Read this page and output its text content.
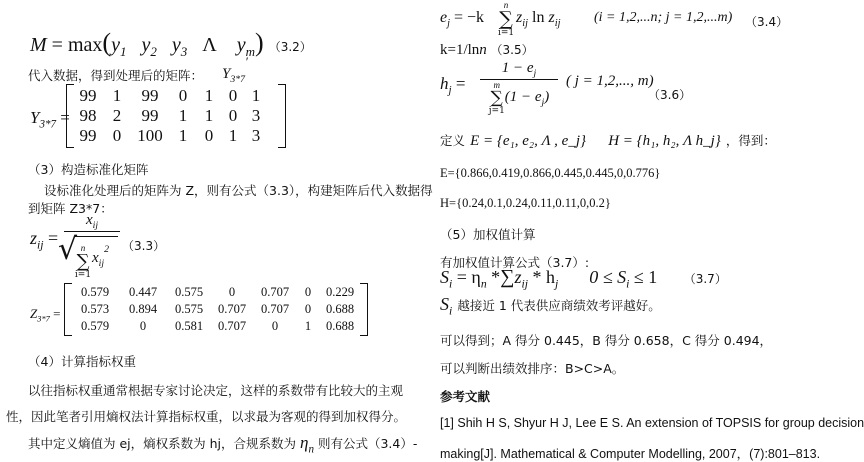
$M = \max(y_1$ $y_2$ $y_3$ Λ $y_m$) （3.2）
代入数据，得到处理后的矩阵： $Y_{3*7}'$
$Y_{3*7}$ =
99 1	99	0	1 0 1
98 2	99	1	1 0 3
99 0 100 1	0 1 3
（3）构造标准化矩阵
设标准化处理后的矩阵为 Z，则有公式（3.3），构建矩阵后代入数据得
到矩阵 Z3*7：
$z_{ij}$ =
$x_{ij}$
√ n
∑
i=1
$x_{ij}^2$ （3.3）
$Z_{3*7}$ =
0.579	0.447	0.575	0	0.707	0	0.229
0.573	0.894	0.575	0.707	0.707	0	0.688
0.579	0	0.581	0.707	0	1	0.688
（4）计算指标权重
以往指标权重通常根据专家讨论决定，这样的系数带有比较大的主观
性，因此笔者引用熵权法计算指标权重，以求最为客观的得到加权得分。
其中定义熵值为 ej，熵权系数为 hj，合规系数为 $\eta_n$ 则有公式（3.4）-
$e_j = -k$
n
∑
i=1
$z_{ij}$ $\ln z_{ij}$ (i = 1,2,...n; j = 1,2,...m) （3.4）
k=1/lnn （3.5）
$h_j$ =
$1 - e_j$
m
∑
j=1
$(1 - e_j)$
( j = 1,2,..., m)
（3.6）
定义 E = {e₁, e₂, Λ , e_j} H = {h₁, h₂, Λ h_j} ，得到：
E={0.866,0.419,0.866,0.445,0.445,0,0.776}
H={0.24,0.1,0.24,0.11,0.11,0,0.2}
（5）加权值计算
有加权值计算公式（3.7）:
$S_i = \eta_n$ $*\sum z_{ij} * h_j$ $0 \le S_i \le 1$ （3.7）
$S_i$ 越接近 1 代表供应商绩效考评越好。
可以得到；A 得分 0.445，B 得分 0.658，C 得分 0.494，
可以判断出绩效排序：B>C>A。
参考文献
[1] Shih H S, Shyur H J, Lee E S. An extension of TOPSIS for group decision
making[J]. Mathematical & Computer Modelling, 2007，(7):801–813.
